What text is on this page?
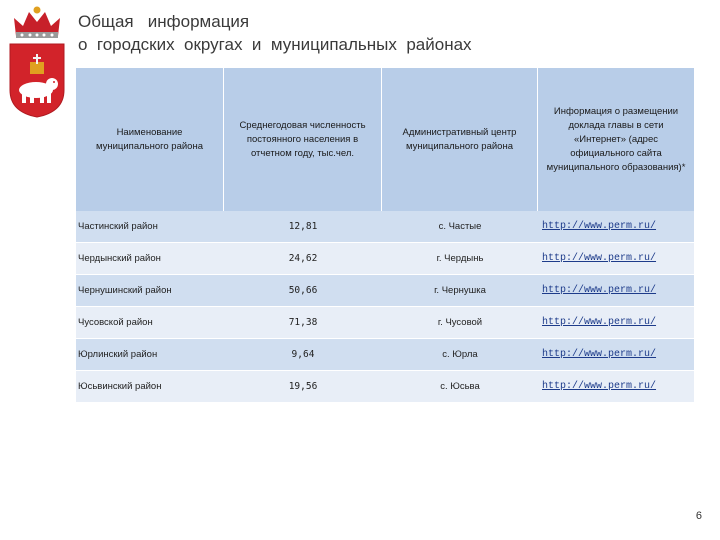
Общая   информация
о  городских  округах  и  муниципальных  районах
Наименование муниципального района	Среднегодовая численность постоянного населения в отчетном году, тыс.чел.	Административный центр муниципального района	Информация о размещении доклада главы в сети «Интернет» (адрес официального сайта муниципального образования)*
Частинский район	12,81	с. Частые	http://www.perm.ru/
Чердынский район	24,62	г. Чердынь	http://www.perm.ru/
Чернушинский район	50,66	г. Чернушка	http://www.perm.ru/
Чусовской район	71,38	г. Чусовой	http://www.perm.ru/
Юрлинский район	9,64	с. Юрла	http://www.perm.ru/
Юсьвинский район	19,56	с. Юсьва	http://www.perm.ru/
6
